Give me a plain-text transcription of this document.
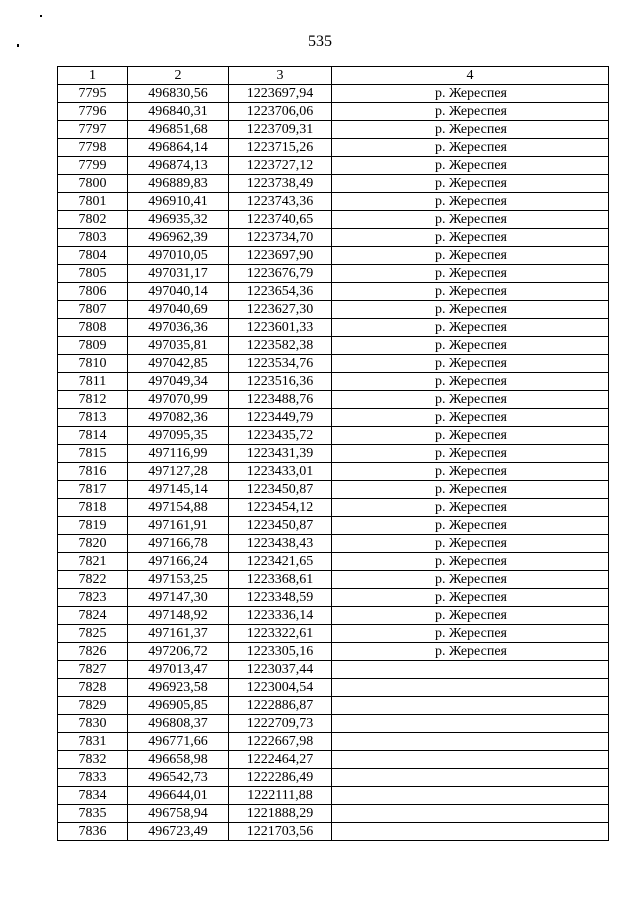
535
1	2	3	4
7795	496830,56	1223697,94	р. Жереспея
7796	496840,31	1223706,06	р. Жереспея
7797	496851,68	1223709,31	р. Жереспея
7798	496864,14	1223715,26	р. Жереспея
7799	496874,13	1223727,12	р. Жереспея
7800	496889,83	1223738,49	р. Жереспея
7801	496910,41	1223743,36	р. Жереспея
7802	496935,32	1223740,65	р. Жереспея
7803	496962,39	1223734,70	р. Жереспея
7804	497010,05	1223697,90	р. Жереспея
7805	497031,17	1223676,79	р. Жереспея
7806	497040,14	1223654,36	р. Жереспея
7807	497040,69	1223627,30	р. Жереспея
7808	497036,36	1223601,33	р. Жереспея
7809	497035,81	1223582,38	р. Жереспея
7810	497042,85	1223534,76	р. Жереспея
7811	497049,34	1223516,36	р. Жереспея
7812	497070,99	1223488,76	р. Жереспея
7813	497082,36	1223449,79	р. Жереспея
7814	497095,35	1223435,72	р. Жереспея
7815	497116,99	1223431,39	р. Жереспея
7816	497127,28	1223433,01	р. Жереспея
7817	497145,14	1223450,87	р. Жереспея
7818	497154,88	1223454,12	р. Жереспея
7819	497161,91	1223450,87	р. Жереспея
7820	497166,78	1223438,43	р. Жереспея
7821	497166,24	1223421,65	р. Жереспея
7822	497153,25	1223368,61	р. Жереспея
7823	497147,30	1223348,59	р. Жереспея
7824	497148,92	1223336,14	р. Жереспея
7825	497161,37	1223322,61	р. Жереспея
7826	497206,72	1223305,16	р. Жереспея
7827	497013,47	1223037,44	
7828	496923,58	1223004,54	
7829	496905,85	1222886,87	
7830	496808,37	1222709,73	
7831	496771,66	1222667,98	
7832	496658,98	1222464,27	
7833	496542,73	1222286,49	
7834	496644,01	1222111,88	
7835	496758,94	1221888,29	
7836	496723,49	1221703,56	
